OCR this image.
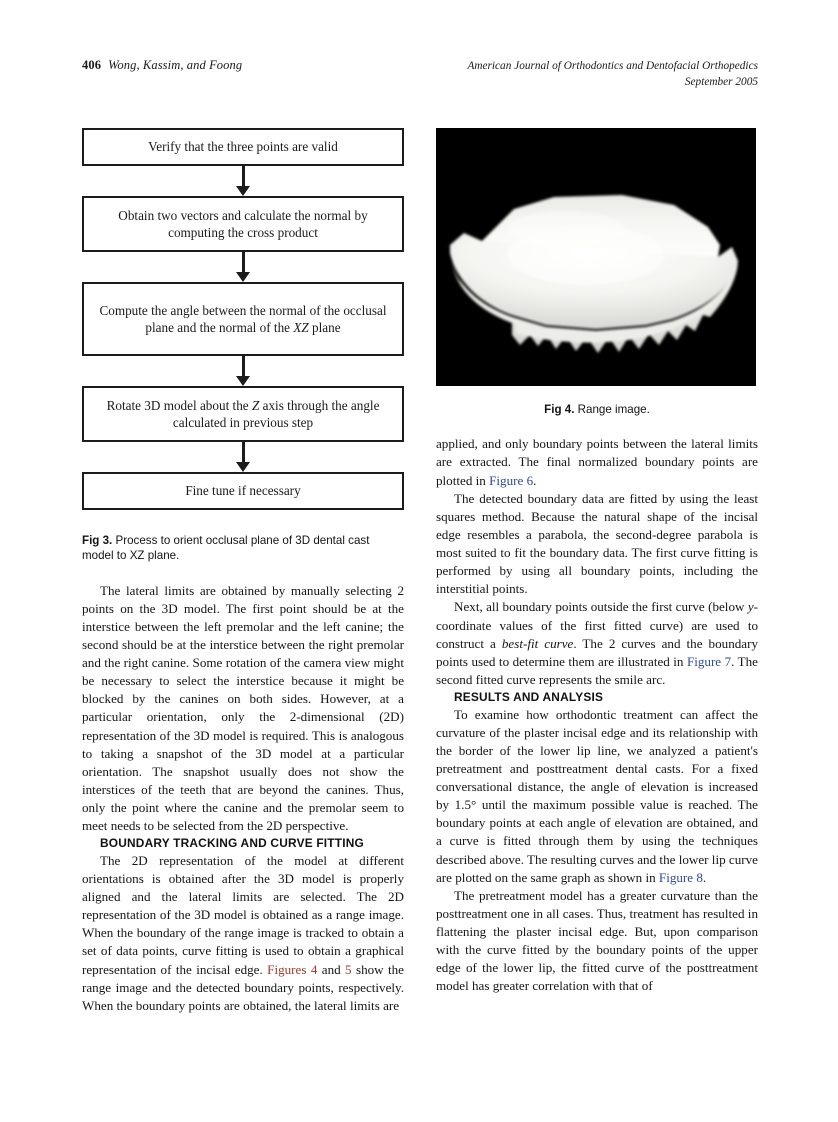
406 Wong, Kassim, and Foong	American Journal of Orthodontics and Dentofacial Orthopedics
September 2005
Verify that the three points are valid
Obtain two vectors and calculate the normal by computing the cross product
Compute the angle between the normal of the occlusal plane and the normal of the XZ plane
Rotate 3D model about the Z axis through the angle calculated in previous step
Fine tune if necessary
Fig 3. Process to orient occlusal plane of 3D dental cast model to XZ plane.

The lateral limits are obtained by manually selecting 2 points on the 3D model. The first point should be at the interstice between the left premolar and the left canine; the second should be at the interstice between the right premolar and the right canine. Some rotation of the camera view might be necessary to select the interstice because it might be blocked by the canines on both sides. However, at a particular orientation, only the 2-dimensional (2D) representation of the 3D model is required. This is analogous to taking a snapshot of the 3D model at a particular orientation. The snapshot usually does not show the interstices of the teeth that are beyond the canines. Thus, only the point where the canine and the premolar seem to meet needs to be selected from the 2D perspective.

BOUNDARY TRACKING AND CURVE FITTING

The 2D representation of the model at different orientations is obtained after the 3D model is properly aligned and the lateral limits are selected. The 2D representation of the 3D model is obtained as a range image. When the boundary of the range image is tracked to obtain a set of data points, curve fitting is used to obtain a graphical representation of the incisal edge. Figures 4 and 5 show the range image and the detected boundary points, respectively. When the boundary points are obtained, the lateral limits are

Fig 4. Range image.

applied, and only boundary points between the lateral limits are extracted. The final normalized boundary points are plotted in Figure 6.

The detected boundary data are fitted by using the least squares method. Because the natural shape of the incisal edge resembles a parabola, the second-degree parabola is most suited to fit the boundary data. The first curve fitting is performed by using all boundary points, including the interstitial points.

Next, all boundary points outside the first curve (below y-coordinate values of the first fitted curve) are used to construct a best-fit curve. The 2 curves and the boundary points used to determine them are illustrated in Figure 7. The second fitted curve represents the smile arc.

RESULTS AND ANALYSIS

To examine how orthodontic treatment can affect the curvature of the plaster incisal edge and its relationship with the border of the lower lip line, we analyzed a patient's pretreatment and posttreatment dental casts. For a fixed conversational distance, the angle of elevation is increased by 1.5° until the maximum possible value is reached. The boundary points at each angle of elevation are obtained, and a curve is fitted through them by using the techniques described above. The resulting curves and the lower lip curve are plotted on the same graph as shown in Figure 8.

The pretreatment model has a greater curvature than the posttreatment one in all cases. Thus, treatment has resulted in flattening the plaster incisal edge. But, upon comparison with the curve fitted by the boundary points of the upper edge of the lower lip, the fitted curve of the posttreatment model has greater correlation with that of
